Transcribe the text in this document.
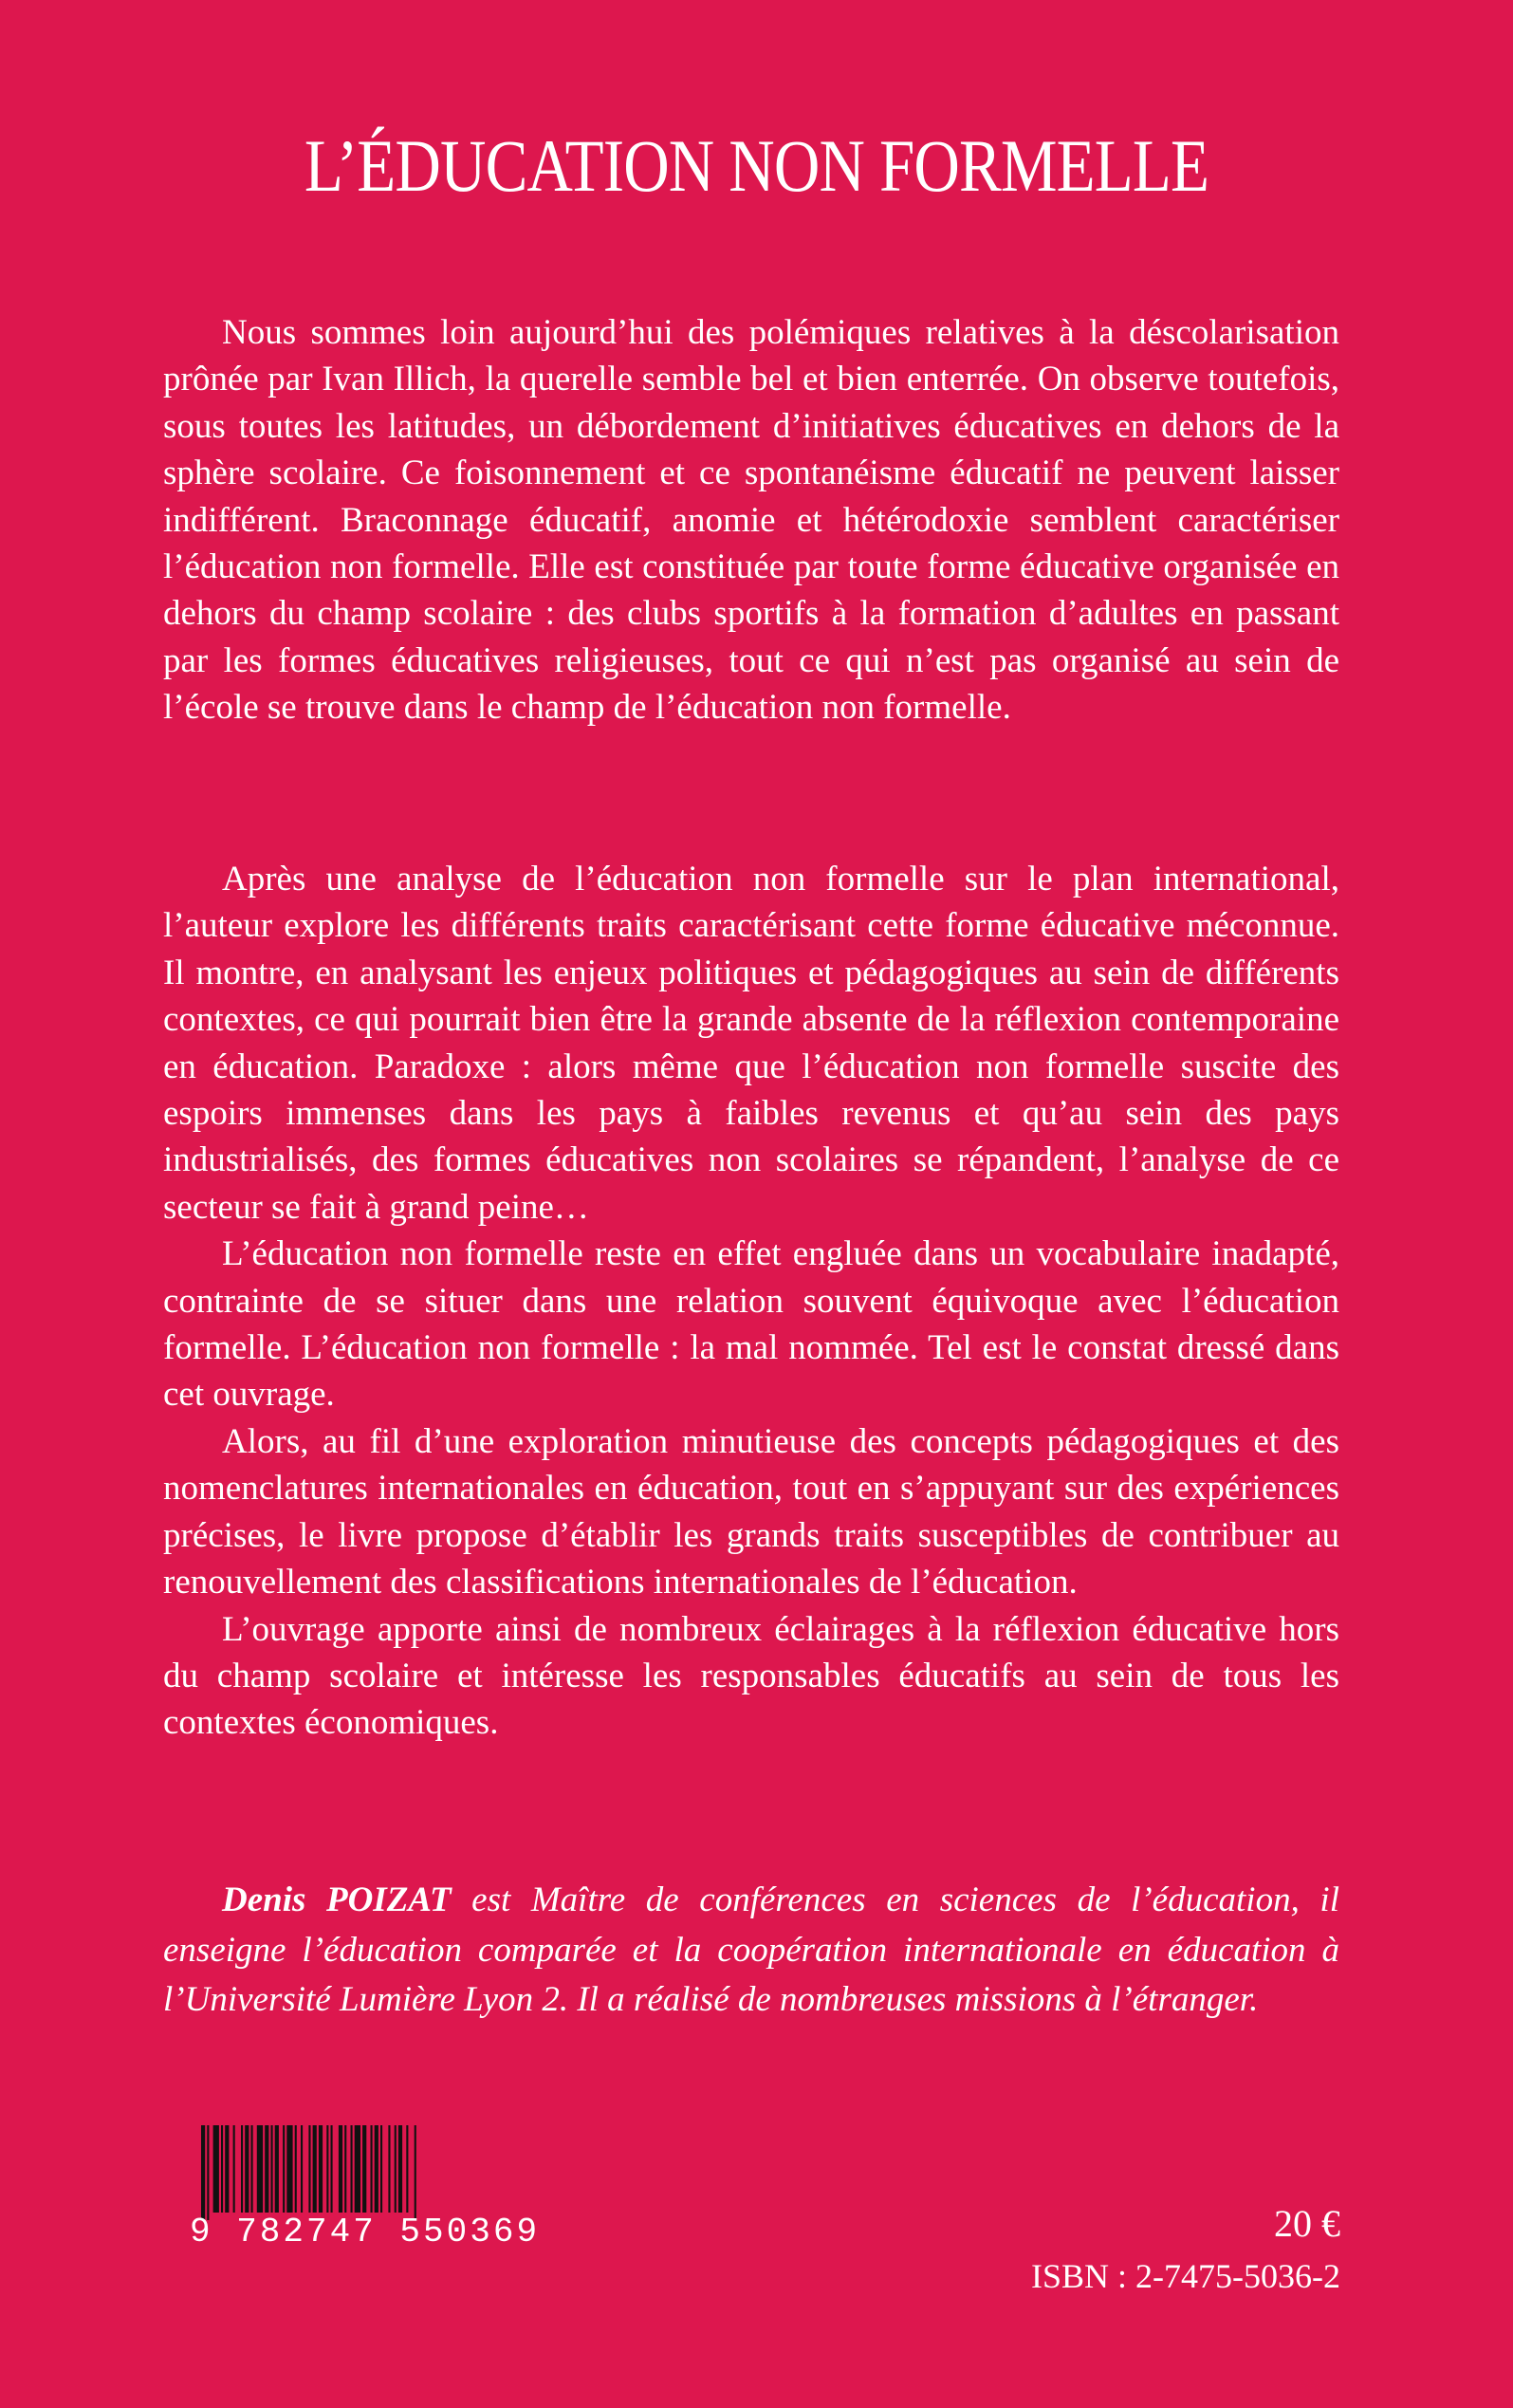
L’ÉDUCATION NON FORMELLE

Nous sommes loin aujourd’hui des polémiques relatives à la déscolarisation prônée par Ivan Illich, la querelle semble bel et bien enterrée. On observe toutefois, sous toutes les latitudes, un débordement d’initiatives éducatives en dehors de la sphère scolaire. Ce foisonnement et ce spontanéisme éducatif ne peuvent laisser indifférent. Braconnage éducatif, anomie et hétérodoxie semblent caractériser l’éducation non formelle. Elle est constituée par toute forme éducative organisée en dehors du champ scolaire : des clubs sportifs à la formation d’adultes en passant par les formes éducatives religieuses, tout ce qui n’est pas organisé au sein de l’école se trouve dans le champ de l’éducation non formelle.

Après une analyse de l’éducation non formelle sur le plan international, l’auteur explore les différents traits caractérisant cette forme éducative méconnue. Il montre, en analysant les enjeux politiques et pédagogiques au sein de différents contextes, ce qui pourrait bien être la grande absente de la réflexion contemporaine en éducation. Paradoxe : alors même que l’éducation non formelle suscite des espoirs immenses dans les pays à faibles revenus et qu’au sein des pays industrialisés, des formes éducatives non scolaires se répandent, l’analyse de ce secteur se fait à grand peine…

L’éducation non formelle reste en effet engluée dans un vocabulaire inadapté, contrainte de se situer dans une relation souvent équivoque avec l’éducation formelle. L’éducation non formelle : la mal nommée. Tel est le constat dressé dans cet ouvrage.

Alors, au fil d’une exploration minutieuse des concepts pédagogiques et des nomenclatures internationales en éducation, tout en s’appuyant sur des expériences précises, le livre propose d’établir les grands traits susceptibles de contribuer au renouvellement des classifications internationales de l’éducation.

L’ouvrage apporte ainsi de nombreux éclairages à la réflexion éducative hors du champ scolaire et intéresse les responsables éducatifs au sein de tous les contextes économiques.

Denis POIZAT est Maître de conférences en sciences de l’éducation, il enseigne l’éducation comparée et la coopération internationale en éducation à l’Université Lumière Lyon 2. Il a réalisé de nombreuses missions à l’étranger.

9 782747 550369	20 €
ISBN : 2-7475-5036-2
